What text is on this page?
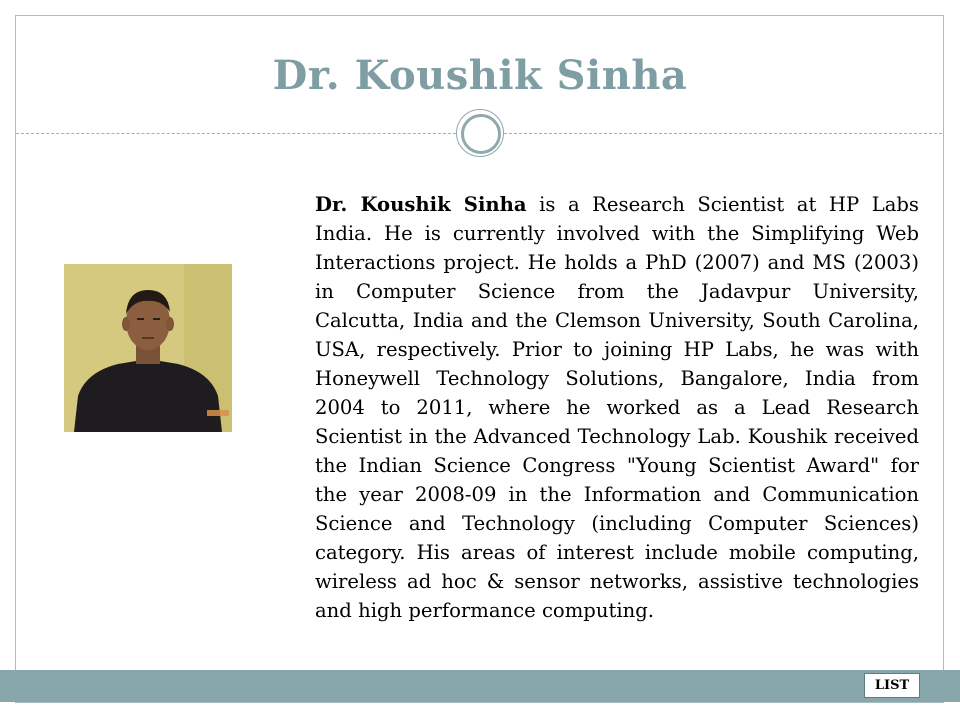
Dr. Koushik Sinha

Dr. Koushik Sinha is a Research Scientist at HP Labs India. He is currently involved with the Simplifying Web Interactions project. He holds a PhD (2007) and MS (2003) in Computer Science from the Jadavpur University, Calcutta, India and the Clemson University, South Carolina, USA, respectively. Prior to joining HP Labs, he was with Honeywell Technology Solutions, Bangalore, India from 2004 to 2011, where he worked as a Lead Research Scientist in the Advanced Technology Lab. Koushik received the Indian Science Congress "Young Scientist Award" for the year 2008-09 in the Information and Communication Science and Technology (including Computer Sciences) category. His areas of interest include mobile computing, wireless ad hoc & sensor networks, assistive technologies and high performance computing.

LIST
